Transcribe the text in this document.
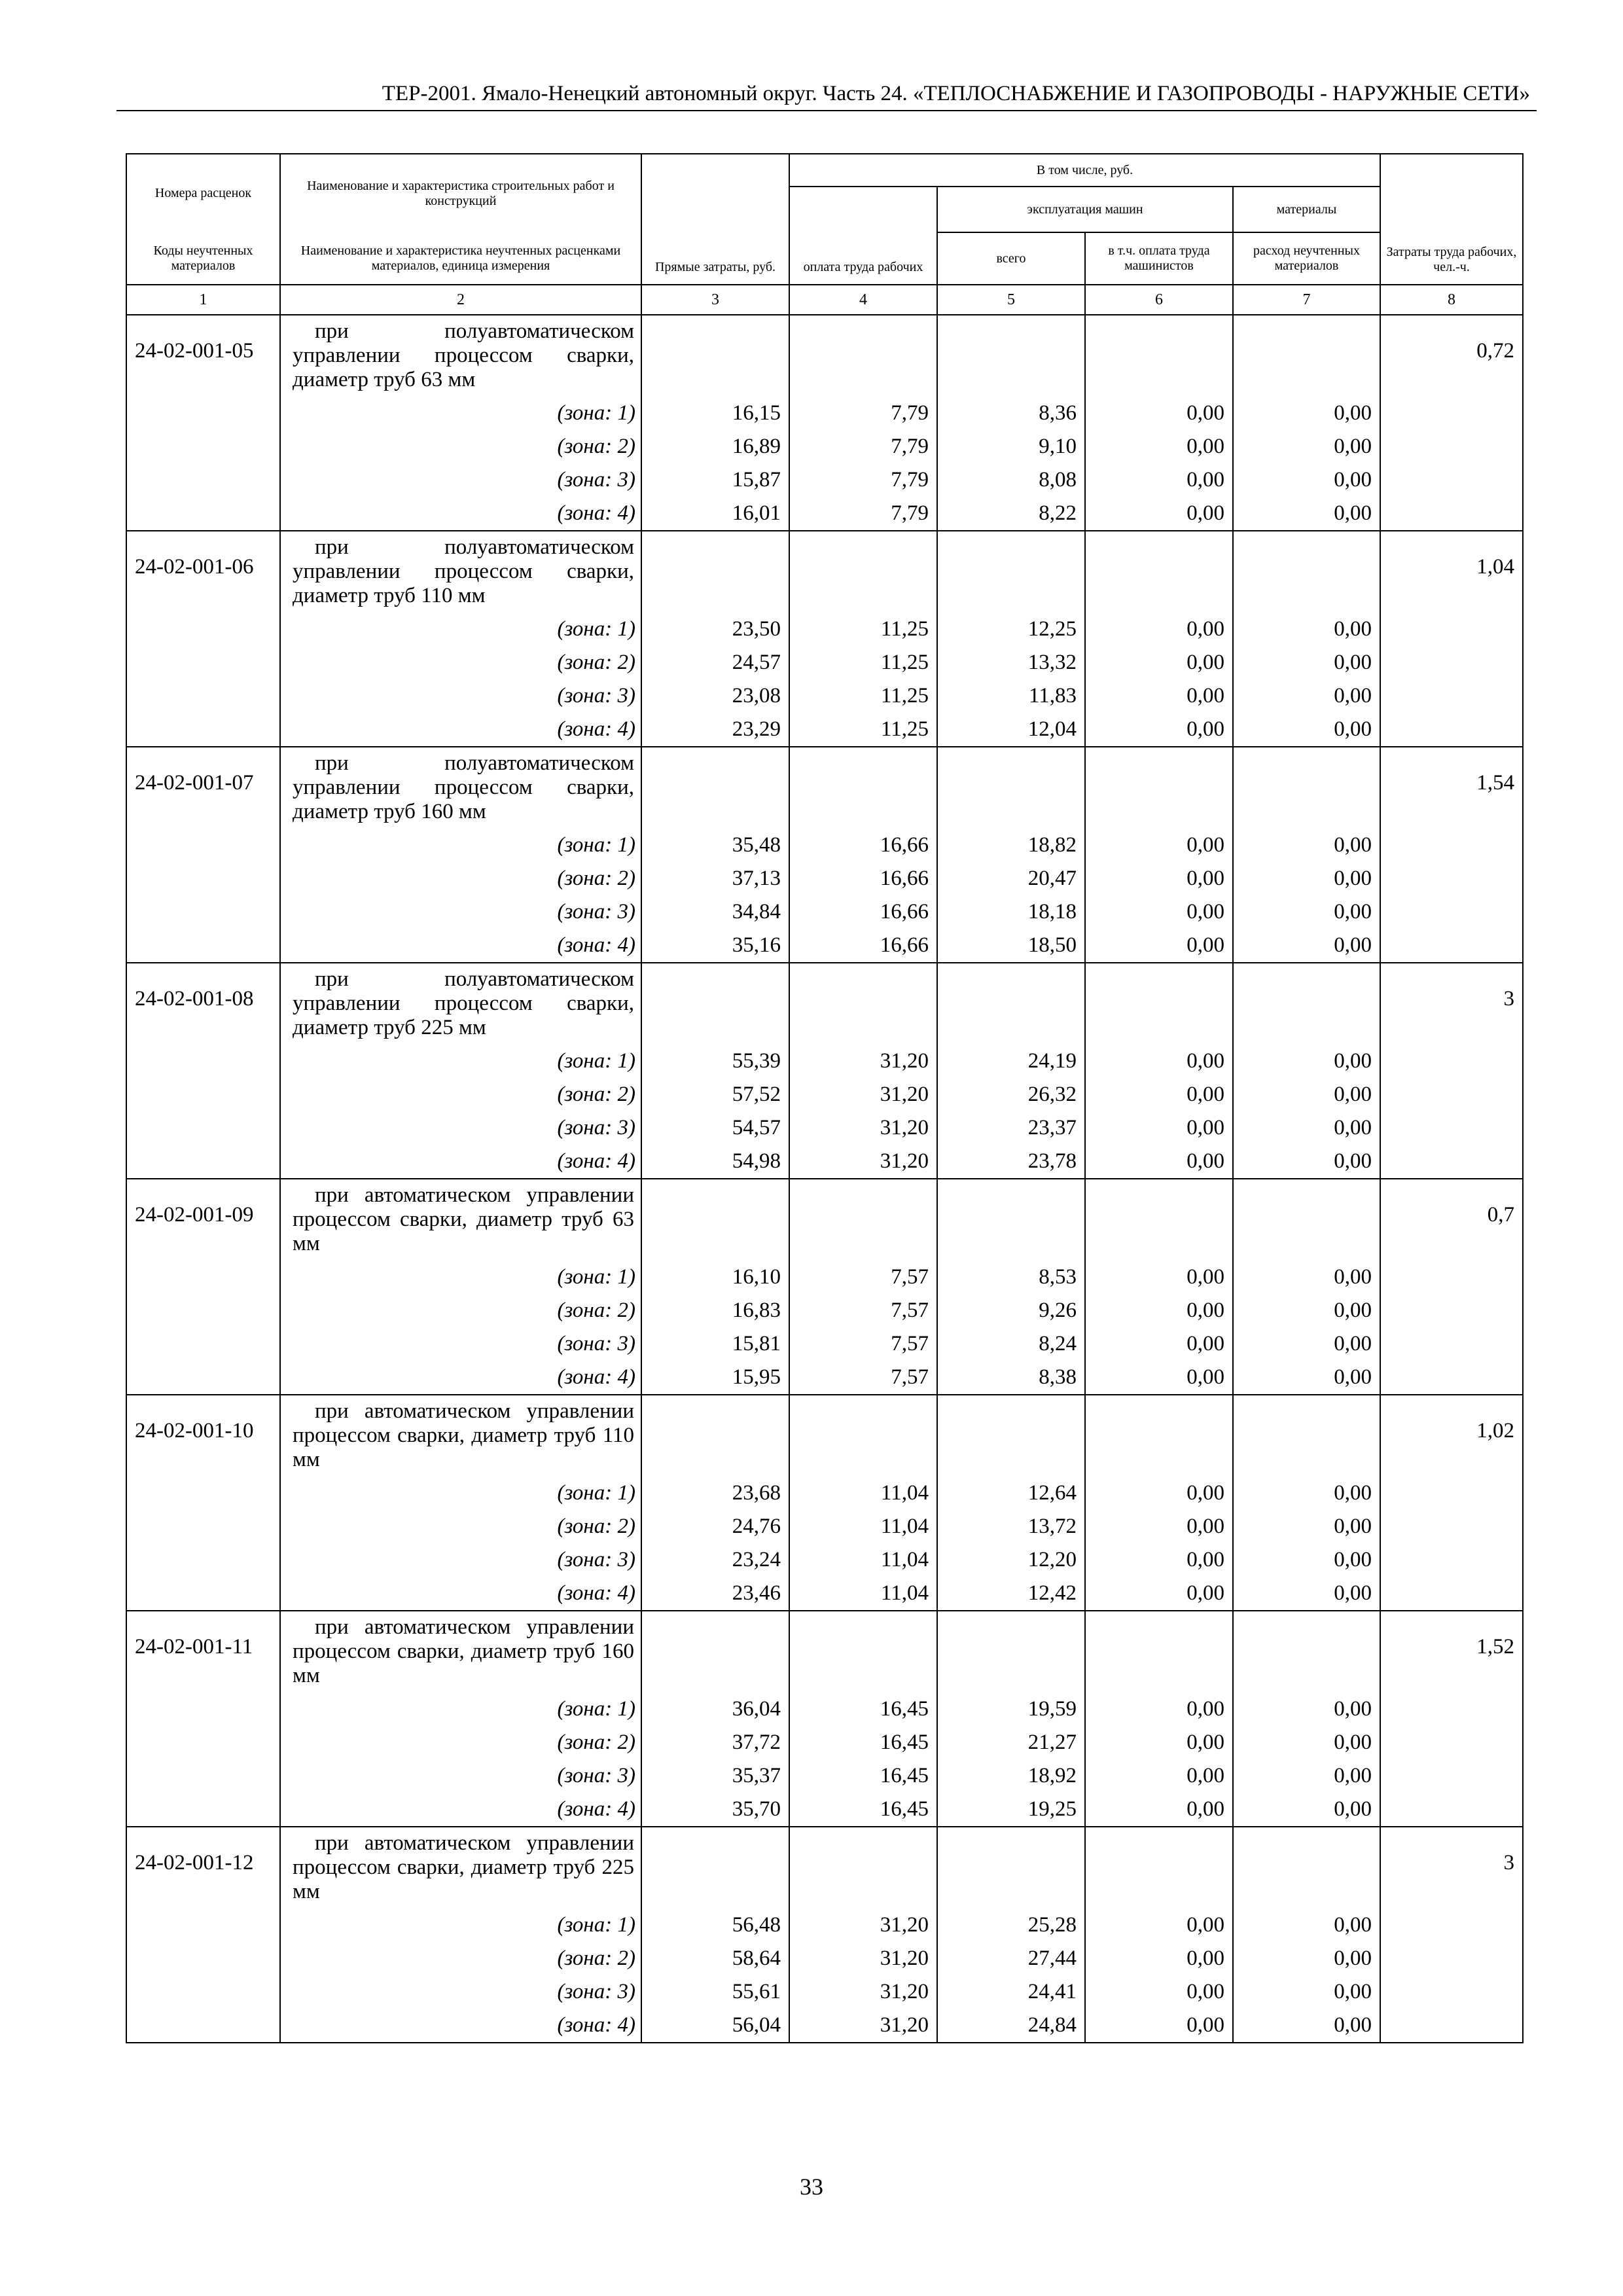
ТЕР-2001. Ямало-Ненецкий автономный округ. Часть 24. «ТЕПЛОСНАБЖЕНИЕ И ГАЗОПРОВОДЫ - НАРУЖНЫЕ СЕТИ»
Номера расценок	Наименование и характеристика строительных работ и конструкций	Прямые затраты, руб.	В том числе, руб.				Затраты труда рабочих, чел.-ч.
			оплата труда рабочих	эксплуатация машин		материалы	
Коды неучтенных материалов	Наименование и характеристика неучтенных расценками материалов, единица измерения			всего	в т.ч. оплата труда машинистов	расход неучтенных материалов	

1	2	3	4	5	6	7	8
24-02-001-05	при полуавтоматическом управлении процессом сварки, диаметр труб 63 мм						0,72
	(зона: 1)	16,15	7,79	8,36	0,00	0,00	
	(зона: 2)	16,89	7,79	9,10	0,00	0,00	
	(зона: 3)	15,87	7,79	8,08	0,00	0,00	
	(зона: 4)	16,01	7,79	8,22	0,00	0,00	
24-02-001-06	при полуавтоматическом управлении процессом сварки, диаметр труб 110 мм						1,04
	(зона: 1)	23,50	11,25	12,25	0,00	0,00	
	(зона: 2)	24,57	11,25	13,32	0,00	0,00	
	(зона: 3)	23,08	11,25	11,83	0,00	0,00	
	(зона: 4)	23,29	11,25	12,04	0,00	0,00	
24-02-001-07	при полуавтоматическом управлении процессом сварки, диаметр труб 160 мм						1,54
	(зона: 1)	35,48	16,66	18,82	0,00	0,00	
	(зона: 2)	37,13	16,66	20,47	0,00	0,00	
	(зона: 3)	34,84	16,66	18,18	0,00	0,00	
	(зона: 4)	35,16	16,66	18,50	0,00	0,00	
24-02-001-08	при полуавтоматическом управлении процессом сварки, диаметр труб 225 мм						3
	(зона: 1)	55,39	31,20	24,19	0,00	0,00	
	(зона: 2)	57,52	31,20	26,32	0,00	0,00	
	(зона: 3)	54,57	31,20	23,37	0,00	0,00	
	(зона: 4)	54,98	31,20	23,78	0,00	0,00	
24-02-001-09	при автоматическом управлении процессом сварки, диаметр труб 63 мм						0,7
	(зона: 1)	16,10	7,57	8,53	0,00	0,00	
	(зона: 2)	16,83	7,57	9,26	0,00	0,00	
	(зона: 3)	15,81	7,57	8,24	0,00	0,00	
	(зона: 4)	15,95	7,57	8,38	0,00	0,00	
24-02-001-10	при автоматическом управлении процессом сварки, диаметр труб 110 мм						1,02
	(зона: 1)	23,68	11,04	12,64	0,00	0,00	
	(зона: 2)	24,76	11,04	13,72	0,00	0,00	
	(зона: 3)	23,24	11,04	12,20	0,00	0,00	
	(зона: 4)	23,46	11,04	12,42	0,00	0,00	
24-02-001-11	при автоматическом управлении процессом сварки, диаметр труб 160 мм						1,52
	(зона: 1)	36,04	16,45	19,59	0,00	0,00	
	(зона: 2)	37,72	16,45	21,27	0,00	0,00	
	(зона: 3)	35,37	16,45	18,92	0,00	0,00	
	(зона: 4)	35,70	16,45	19,25	0,00	0,00	
24-02-001-12	при автоматическом управлении процессом сварки, диаметр труб 225 мм						3
	(зона: 1)	56,48	31,20	25,28	0,00	0,00	
	(зона: 2)	58,64	31,20	27,44	0,00	0,00	
	(зона: 3)	55,61	31,20	24,41	0,00	0,00	
	(зона: 4)	56,04	31,20	24,84	0,00	0,00	
33
